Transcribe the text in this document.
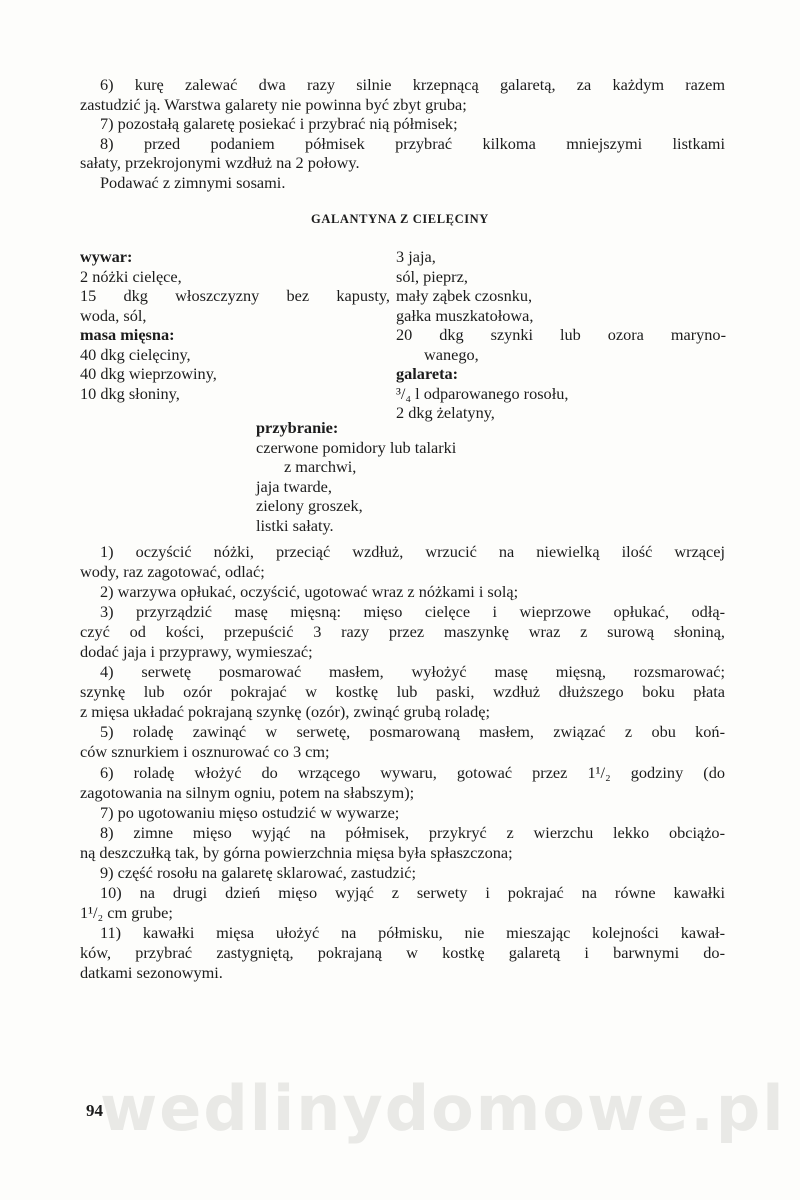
wedlinydomowe.pl
6) kurę zalewać dwa razy silnie krzepnącą galaretą, za każdym razem
zastudzić ją. Warstwa galarety nie powinna być zbyt gruba;
7) pozostałą galaretę posiekać i przybrać nią półmisek;
8) przed podaniem półmisek przybrać kilkoma mniejszymi listkami
sałaty, przekrojonymi wzdłuż na 2 połowy.
Podawać z zimnymi sosami.
GALANTYNA Z CIELĘCINY
wywar:
2 nóżki cielęce,
15 dkg włoszczyzny bez kapusty,
woda, sól,
masa mięsna:
40 dkg cielęciny,
40 dkg wieprzowiny,
10 dkg słoniny,
3 jaja,
sól, pieprz,
mały ząbek czosnku,
gałka muszkatołowa,
20 dkg szynki lub ozora maryno-
wanego,
galareta:
³/₄ l odparowanego rosołu,
2 dkg żelatyny,
przybranie:
czerwone pomidory lub talarki
z marchwi,
jaja twarde,
zielony groszek,
listki sałaty.
1) oczyścić nóżki, przeciąć wzdłuż, wrzucić na niewielką ilość wrzącej
wody, raz zagotować, odlać;
2) warzywa opłukać, oczyścić, ugotować wraz z nóżkami i solą;
3) przyrządzić masę mięsną: mięso cielęce i wieprzowe opłukać, odłą-
czyć od kości, przepuścić 3 razy przez maszynkę wraz z surową słoniną,
dodać jaja i przyprawy, wymieszać;
4) serwetę posmarować masłem, wyłożyć masę mięsną, rozsmarować;
szynkę lub ozór pokrajać w kostkę lub paski, wzdłuż dłuższego boku płata
z mięsa układać pokrajaną szynkę (ozór), zwinąć grubą roladę;
5) roladę zawinąć w serwetę, posmarowaną masłem, związać z obu koń-
ców sznurkiem i osznurować co 3 cm;
6) roladę włożyć do wrzącego wywaru, gotować przez 1¹/₂ godziny (do
zagotowania na silnym ogniu, potem na słabszym);
7) po ugotowaniu mięso ostudzić w wywarze;
8) zimne mięso wyjąć na półmisek, przykryć z wierzchu lekko obciążo-
ną deszczułką tak, by górna powierzchnia mięsa była spłaszczona;
9) część rosołu na galaretę sklarować, zastudzić;
10) na drugi dzień mięso wyjąć z serwety i pokrajać na równe kawałki
1¹/₂ cm grube;
11) kawałki mięsa ułożyć na półmisku, nie mieszając kolejności kawał-
ków, przybrać zastygniętą, pokrajaną w kostkę galaretą i barwnymi do-
datkami sezonowymi.
94
